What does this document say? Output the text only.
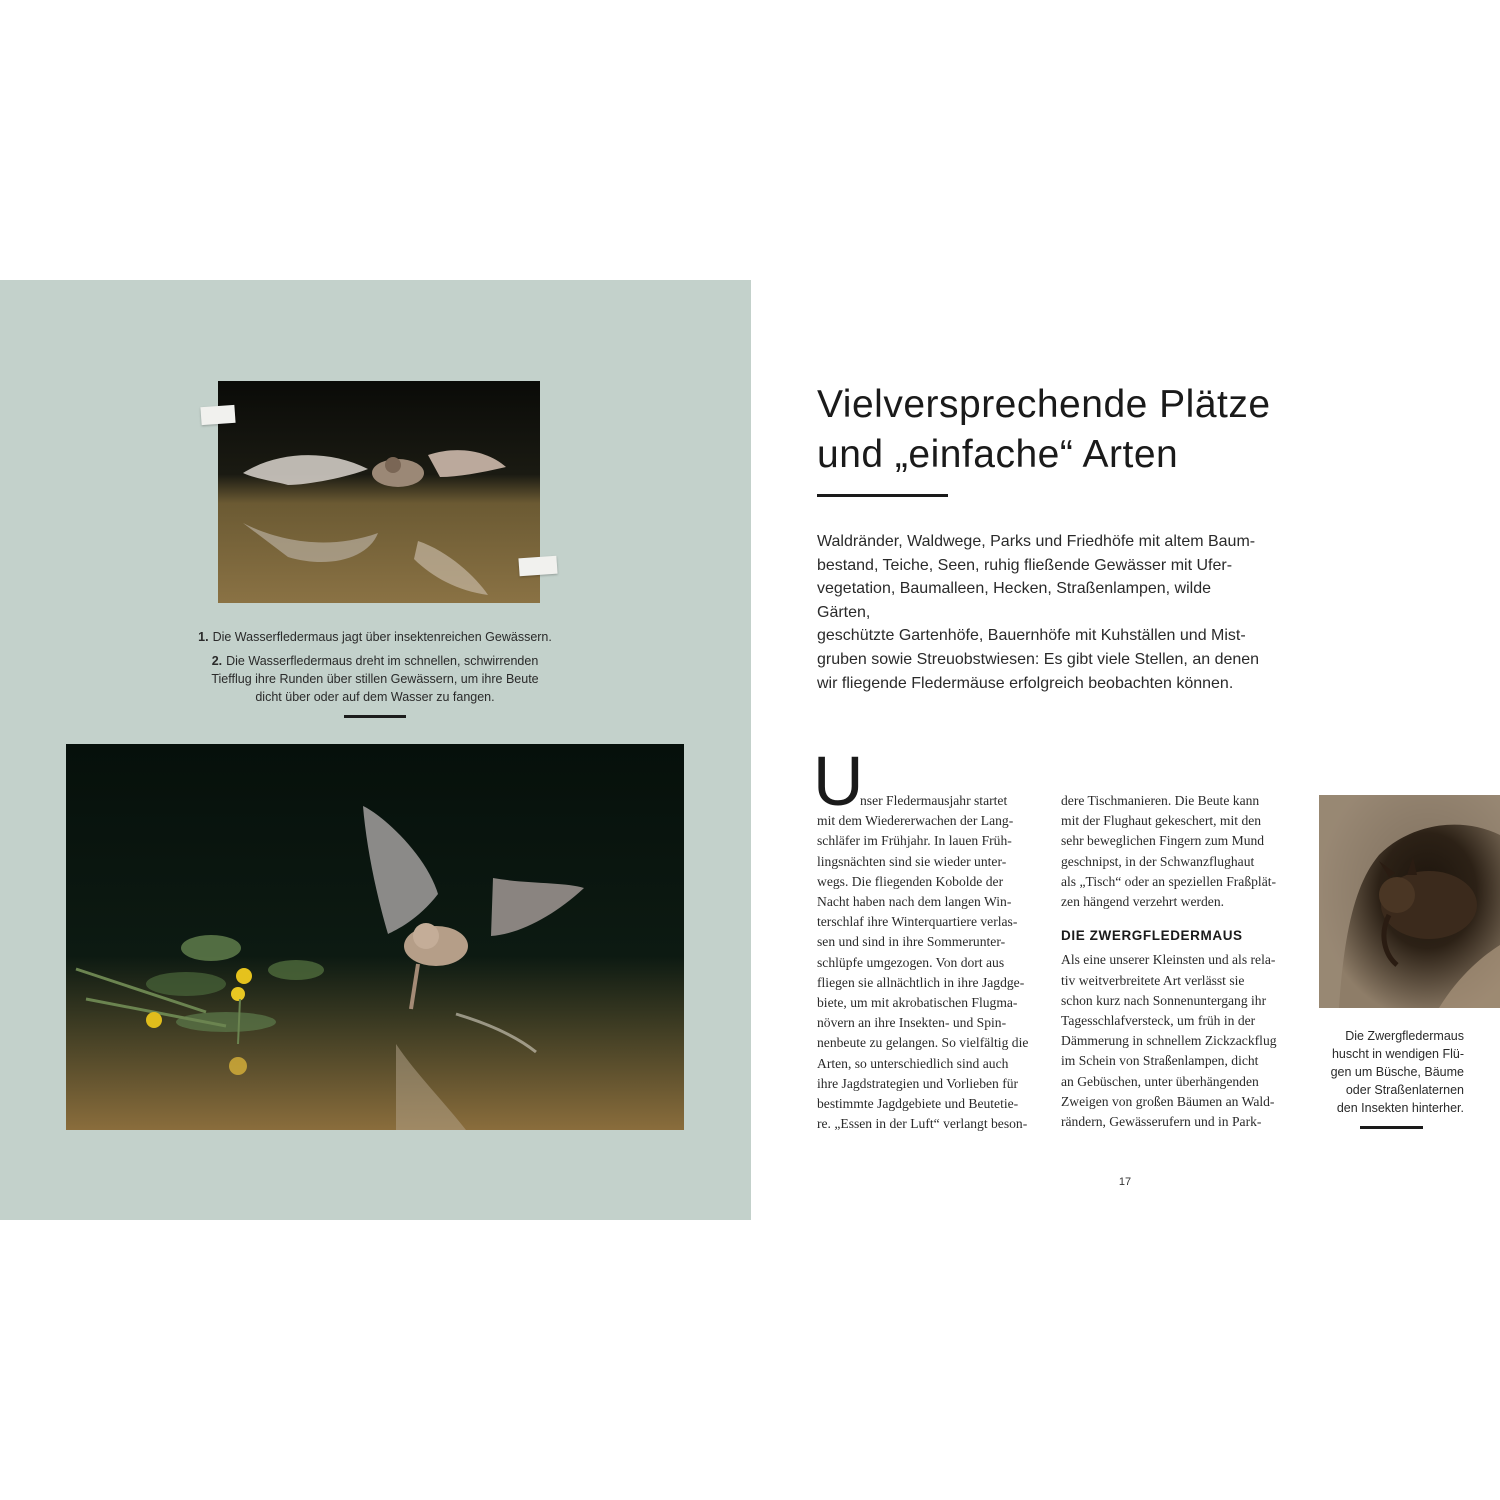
1. Die Wasserfledermaus jagt über insektenreichen Gewässern.
2. Die Wasserfledermaus dreht im schnellen, schwirrenden
Tiefflug ihre Runden über stillen Gewässern, um ihre Beute
dicht über oder auf dem Wasser zu fangen.
Vielversprechende Plätze
und „einfache“ Arten
Waldränder, Waldwege, Parks und Friedhöfe mit altem Baum-
bestand, Teiche, Seen, ruhig fließende Gewässer mit Ufer-
vegetation, Baumalleen, Hecken, Straßenlampen, wilde Gärten,
geschützte Gartenhöfe, Bauernhöfe mit Kuhställen und Mist-
gruben sowie Streuobstwiesen: Es gibt viele Stellen, an denen
wir fliegende Fledermäuse erfolgreich beobachten können.
U
nser Fledermausjahr startet
mit dem Wiedererwachen der Lang-
schläfer im Frühjahr. In lauen Früh-
lingsnächten sind sie wieder unter-
wegs. Die fliegenden Kobolde der
Nacht haben nach dem langen Win-
terschlaf ihre Winterquartiere verlas-
sen und sind in ihre Sommerunter-
schlüpfe umgezogen. Von dort aus
fliegen sie allnächtlich in ihre Jagdge-
biete, um mit akrobatischen Flugma-
növern an ihre Insekten- und Spin-
nenbeute zu gelangen. So vielfältig die
Arten, so unterschiedlich sind auch
ihre Jagdstrategien und Vorlieben für
bestimmte Jagdgebiete und Beutetie-
re. „Essen in der Luft“ verlangt beson-
dere Tischmanieren. Die Beute kann
mit der Flughaut gekeschert, mit den
sehr beweglichen Fingern zum Mund
geschnipst, in der Schwanzflughaut
als „Tisch“ oder an speziellen Fraßplät-
zen hängend verzehrt werden.
DIE ZWERGFLEDERMAUS
Als eine unserer Kleinsten und als rela-
tiv weitverbreitete Art verlässt sie
schon kurz nach Sonnenuntergang ihr
Tagesschlafversteck, um früh in der
Dämmerung in schnellem Zickzackflug
im Schein von Straßenlampen, dicht
an Gebüschen, unter überhängenden
Zweigen von großen Bäumen an Wald-
rändern, Gewässerufern und in Park-
Die Zwergfledermaus
huscht in wendigen Flü-
gen um Büsche, Bäume
oder Straßenlaternen
den Insekten hinterher.
17
